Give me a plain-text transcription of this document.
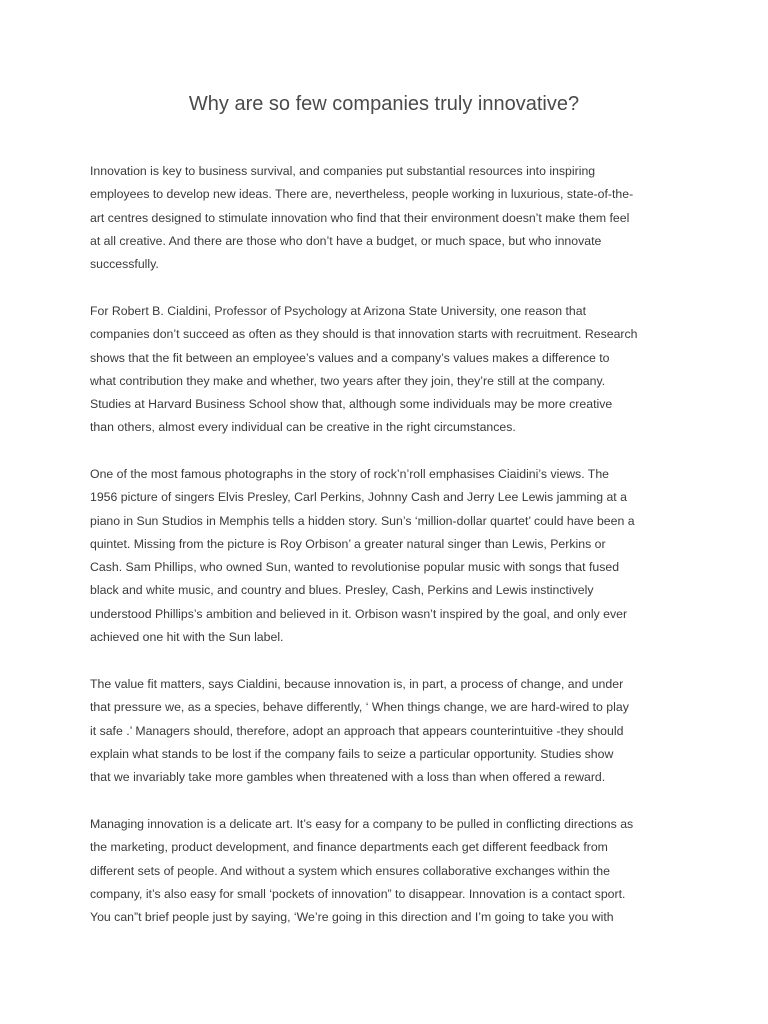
Why are so few companies truly innovative?
Innovation is key to business survival, and companies put substantial resources into inspiring
employees to develop new ideas. There are, nevertheless, people working in luxurious, state-of-the-
art centres designed to stimulate innovation who find that their environment doesn’t make them feel
at all creative. And there are those who don’t have a budget, or much space, but who innovate
successfully.
For Robert B. Cialdini, Professor of Psychology at Arizona State University, one reason that
companies don’t succeed as often as they should is that innovation starts with recruitment. Research
shows that the fit between an employee’s values and a company’s values makes a difference to
what contribution they make and whether, two years after they join, they’re still at the company.
Studies at Harvard Business School show that, although some individuals may be more creative
than others, almost every individual can be creative in the right circumstances.
One of the most famous photographs in the story of rock’n’roll emphasises Ciaidini’s views. The
1956 picture of singers Elvis Presley, Carl Perkins, Johnny Cash and Jerry Lee Lewis jamming at a
piano in Sun Studios in Memphis tells a hidden story. Sun’s ‘million-dollar quartet’ could have been a
quintet. Missing from the picture is Roy Orbison’ a greater natural singer than Lewis, Perkins or
Cash. Sam Phillips, who owned Sun, wanted to revolutionise popular music with songs that fused
black and white music, and country and blues. Presley, Cash, Perkins and Lewis instinctively
understood Phillips’s ambition and believed in it. Orbison wasn’t inspired by the goal, and only ever
achieved one hit with the Sun label.
The value fit matters, says Cialdini, because innovation is, in part, a process of change, and under
that pressure we, as a species, behave differently, ‘ When things change, we are hard-wired to play
it safe .’ Managers should, therefore, adopt an approach that appears counterintuitive -they should
explain what stands to be lost if the company fails to seize a particular opportunity. Studies show
that we invariably take more gambles when threatened with a loss than when offered a reward.
Managing innovation is a delicate art. It’s easy for a company to be pulled in conflicting directions as
the marketing, product development, and finance departments each get different feedback from
different sets of people. And without a system which ensures collaborative exchanges within the
company, it’s also easy for small ‘pockets of innovation” to disappear. Innovation is a contact sport.
You can”t brief people just by saying, ‘We’re going in this direction and I’m going to take you with
